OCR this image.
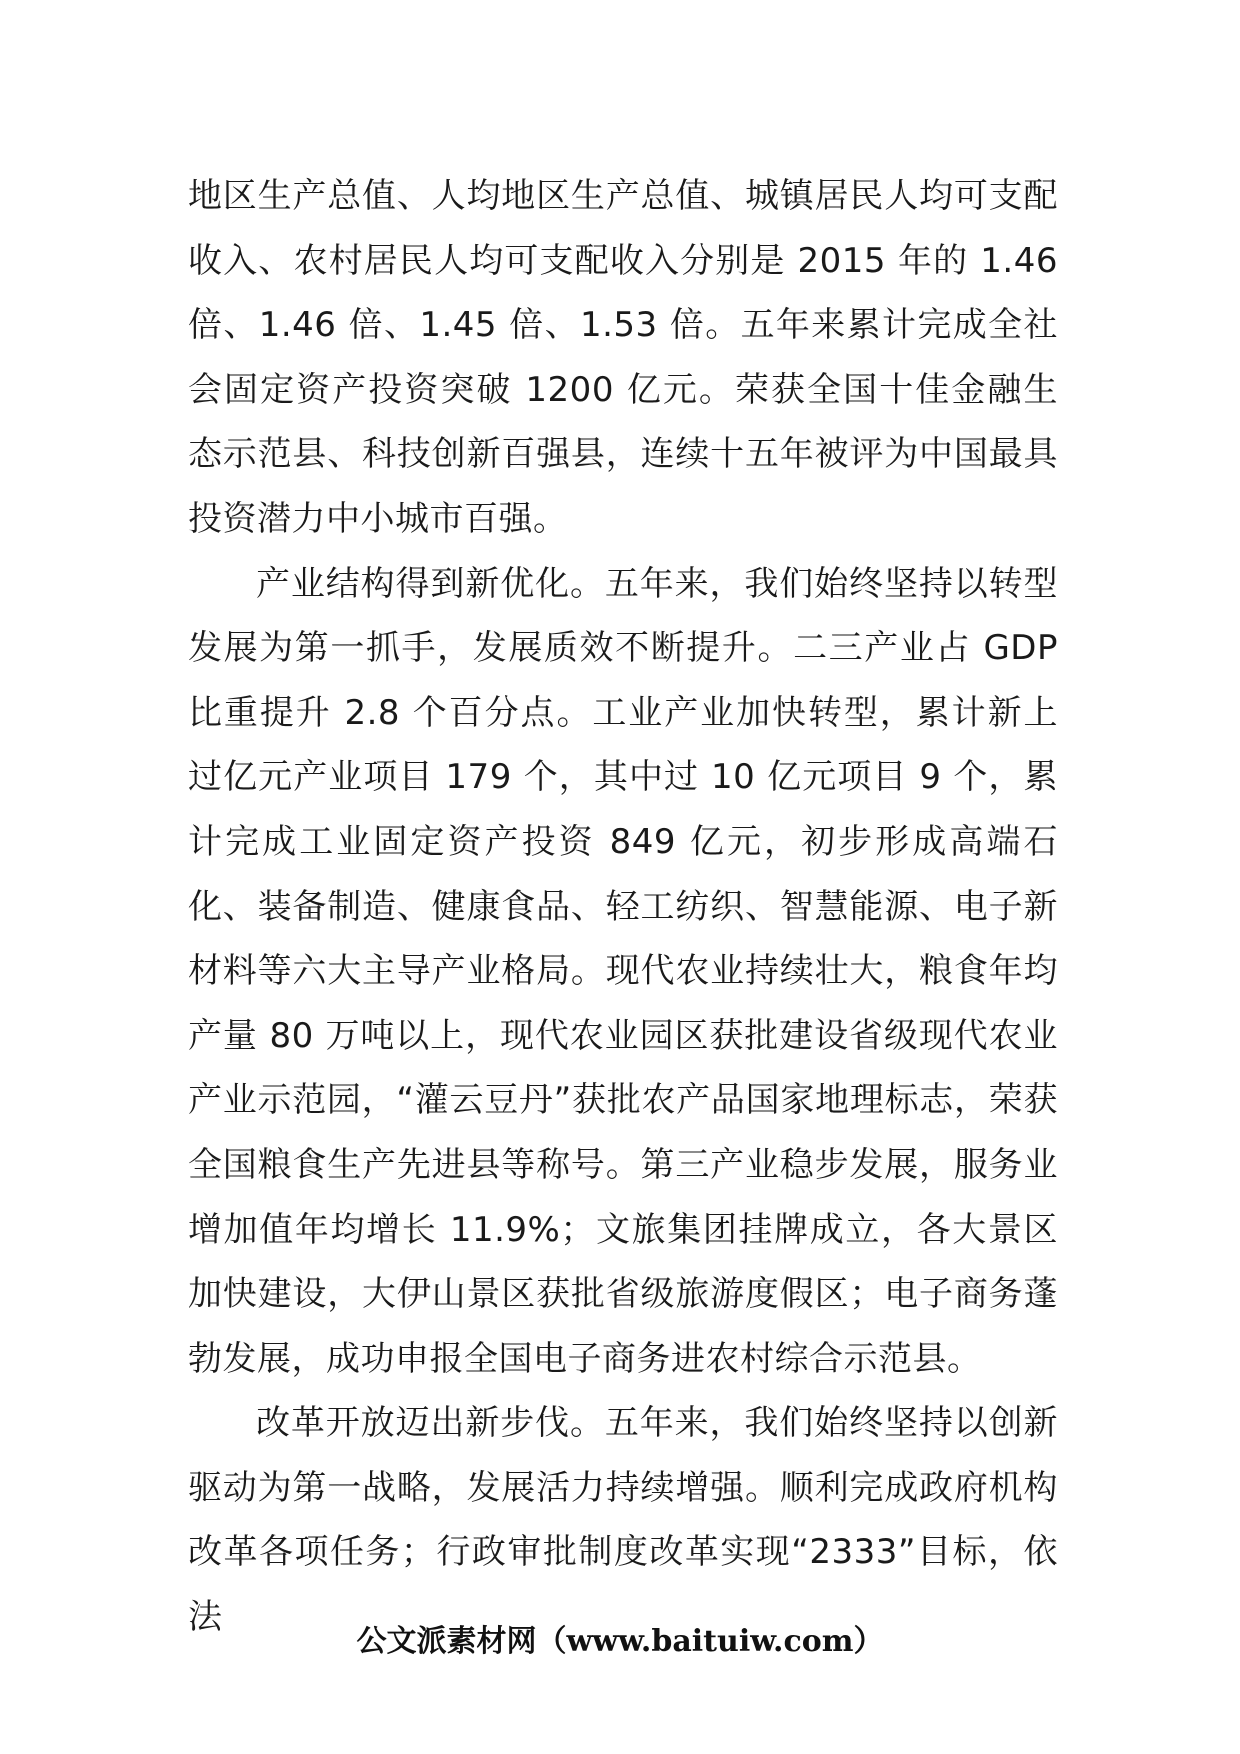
地区生产总值、人均地区生产总值、城镇居民人均可支配收入、农村居民人均可支配收入分别是 2015 年的 1.46 倍、1.46 倍、1.45 倍、1.53 倍。五年来累计完成全社会固定资产投资突破 1200 亿元。荣获全国十佳金融生态示范县、科技创新百强县，连续十五年被评为中国最具投资潜力中小城市百强。

产业结构得到新优化。五年来，我们始终坚持以转型发展为第一抓手，发展质效不断提升。二三产业占 GDP 比重提升 2.8 个百分点。工业产业加快转型，累计新上过亿元产业项目 179 个，其中过 10 亿元项目 9 个，累计完成工业固定资产投资 849 亿元，初步形成高端石化、装备制造、健康食品、轻工纺织、智慧能源、电子新材料等六大主导产业格局。现代农业持续壮大，粮食年均产量 80 万吨以上，现代农业园区获批建设省级现代农业产业示范园，“灌云豆丹”获批农产品国家地理标志，荣获全国粮食生产先进县等称号。第三产业稳步发展，服务业增加值年均增长 11.9%；文旅集团挂牌成立，各大景区加快建设，大伊山景区获批省级旅游度假区；电子商务蓬勃发展，成功申报全国电子商务进农村综合示范县。

改革开放迈出新步伐。五年来，我们始终坚持以创新驱动为第一战略，发展活力持续增强。顺利完成政府机构改革各项任务；行政审批制度改革实现“2333”目标，依法

公文派素材网（www.baituiw.com）
